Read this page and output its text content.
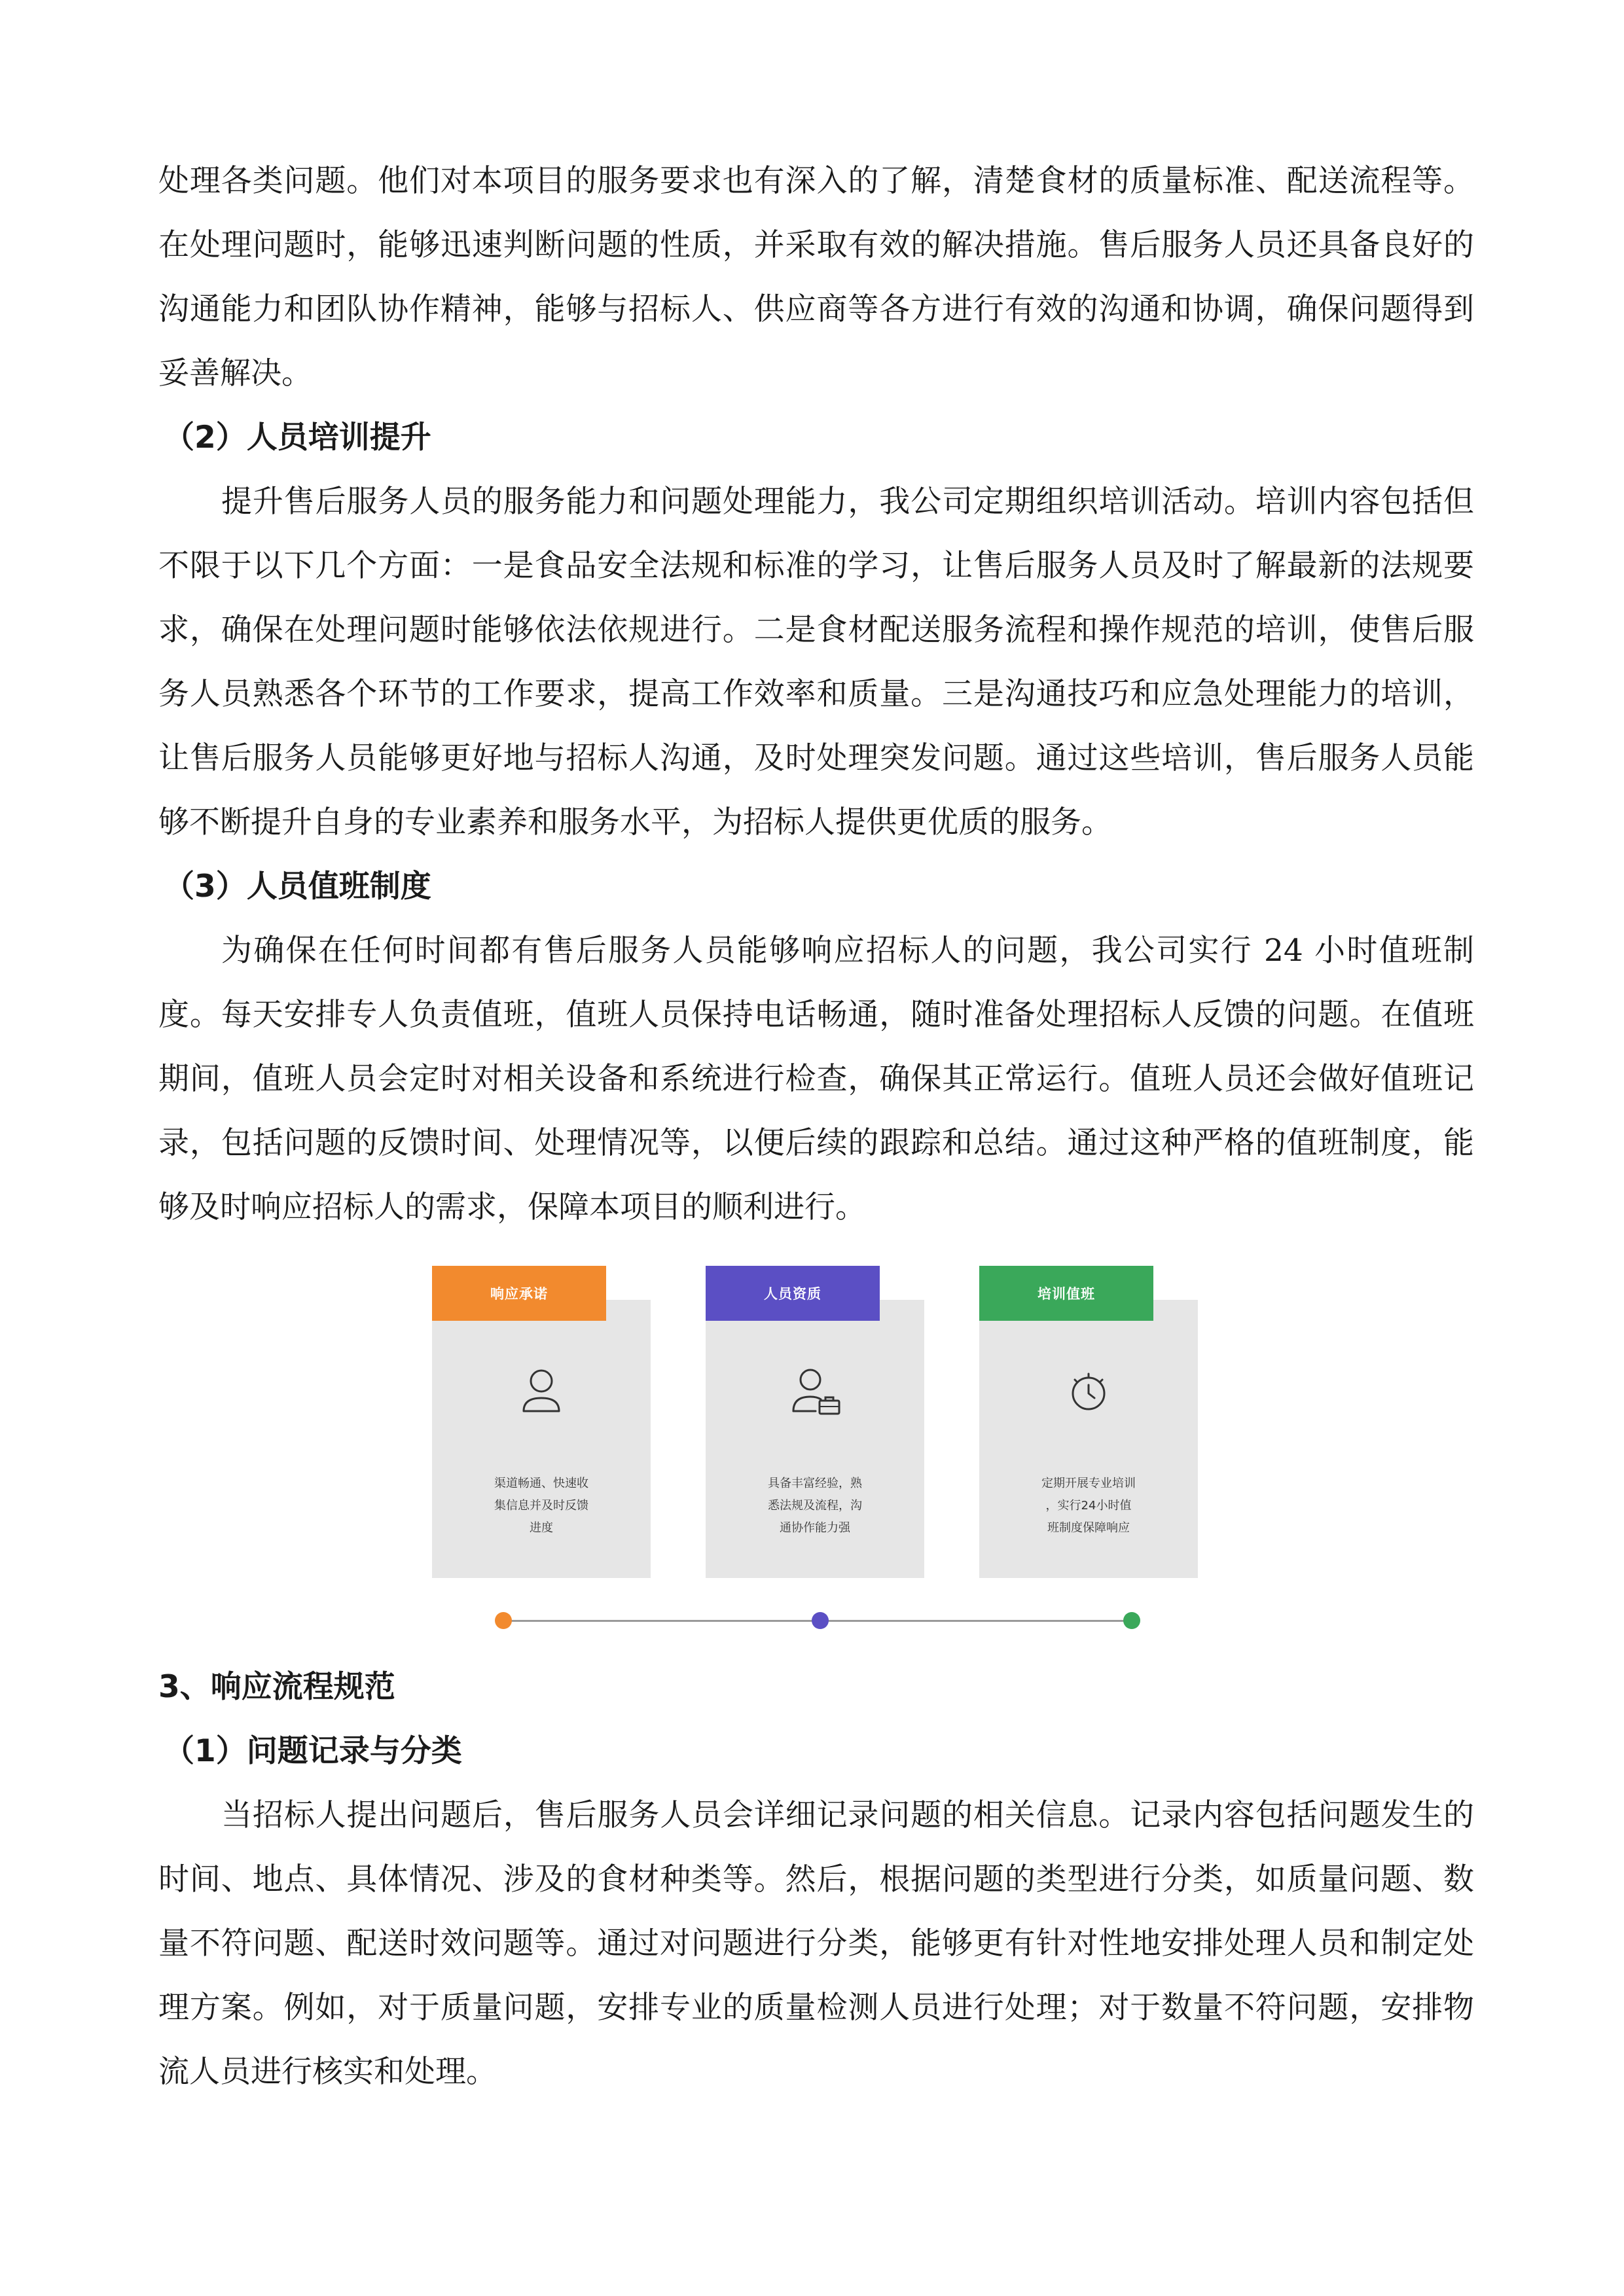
处理各类问题。他们对本项目的服务要求也有深入的了解，清楚食材的质量标准、配送流程等。在处理问题时，能够迅速判断问题的性质，并采取有效的解决措施。售后服务人员还具备良好的沟通能力和团队协作精神，能够与招标人、供应商等各方进行有效的沟通和协调，确保问题得到妥善解决。

（2）人员培训提升

提升售后服务人员的服务能力和问题处理能力，我公司定期组织培训活动。培训内容包括但不限于以下几个方面：一是食品安全法规和标准的学习，让售后服务人员及时了解最新的法规要求，确保在处理问题时能够依法依规进行。二是食材配送服务流程和操作规范的培训，使售后服务人员熟悉各个环节的工作要求，提高工作效率和质量。三是沟通技巧和应急处理能力的培训，让售后服务人员能够更好地与招标人沟通，及时处理突发问题。通过这些培训，售后服务人员能够不断提升自身的专业素养和服务水平，为招标人提供更优质的服务。

（3）人员值班制度

为确保在任何时间都有售后服务人员能够响应招标人的问题，我公司实行 24 小时值班制度。每天安排专人负责值班，值班人员保持电话畅通，随时准备处理招标人反馈的问题。在值班期间，值班人员会定时对相关设备和系统进行检查，确保其正常运行。值班人员还会做好值班记录，包括问题的反馈时间、处理情况等，以便后续的跟踪和总结。通过这种严格的值班制度，能够及时响应招标人的需求，保障本项目的顺利进行。

响应承诺
渠道畅通、快速收
集信息并及时反馈
进度
人员资质
具备丰富经验，熟
悉法规及流程，沟
通协作能力强
培训值班
定期开展专业培训
，实行24小时值
班制度保障响应

3、响应流程规范

（1）问题记录与分类

当招标人提出问题后，售后服务人员会详细记录问题的相关信息。记录内容包括问题发生的时间、地点、具体情况、涉及的食材种类等。然后，根据问题的类型进行分类，如质量问题、数量不符问题、配送时效问题等。通过对问题进行分类，能够更有针对性地安排处理人员和制定处理方案。例如，对于质量问题，安排专业的质量检测人员进行处理；对于数量不符问题，安排物流人员进行核实和处理。
